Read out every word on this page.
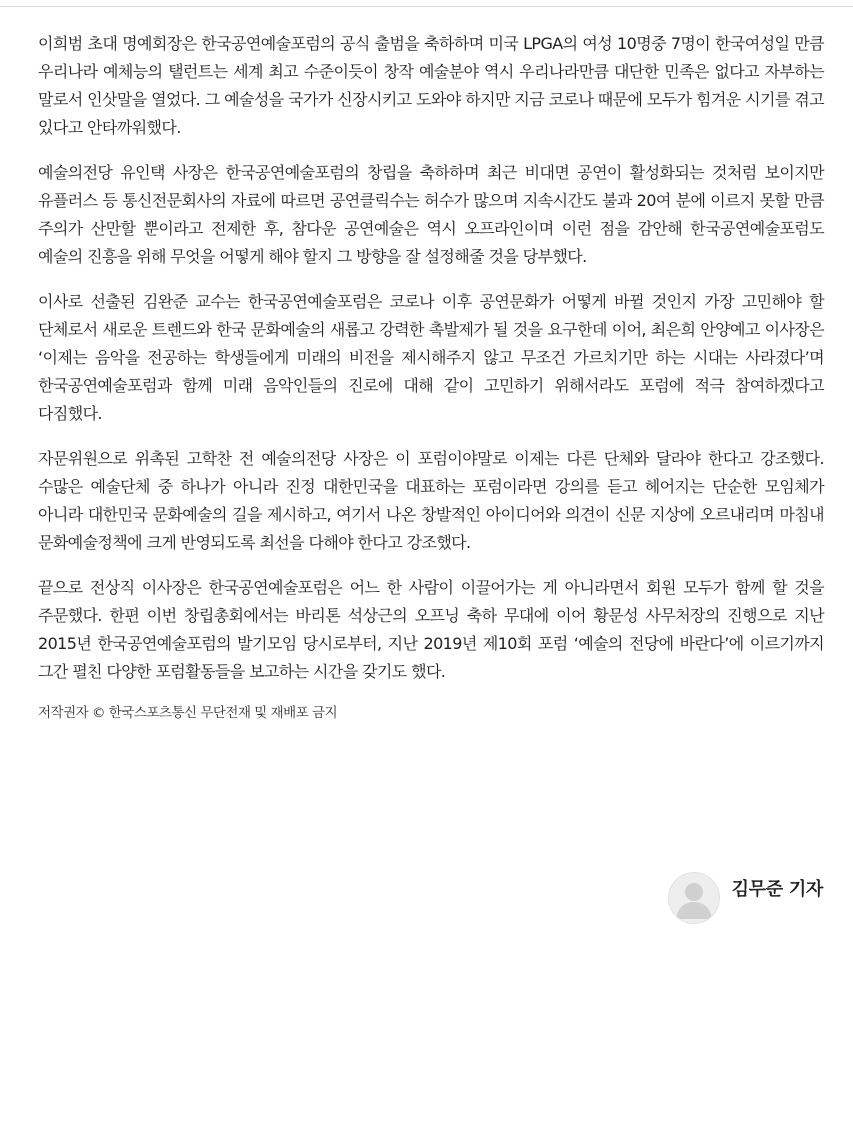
이희범 초대 명예회장은 한국공연예술포럼의 공식 출범을 축하하며 미국 LPGA의 여성 10명중 7명이 한국여성일 만큼 우리나라 예체능의 탤런트는 세계 최고 수준이듯이 창작 예술분야 역시 우리나라만큼 대단한 민족은 없다고 자부하는 말로서 인삿말을 열었다. 그 예술성을 국가가 신장시키고 도와야 하지만 지금 코로나 때문에 모두가 힘겨운 시기를 겪고 있다고 안타까워했다.

예술의전당 유인택 사장은 한국공연예술포럼의 창립을 축하하며 최근 비대면 공연이 활성화되는 것처럼 보이지만 유플러스 등 통신전문회사의 자료에 따르면 공연클릭수는 허수가 많으며 지속시간도 불과 20여 분에 이르지 못할 만큼 주의가 산만할 뿐이라고 전제한 후, 참다운 공연예술은 역시 오프라인이며 이런 점을 감안해 한국공연예술포럼도 예술의 진흥을 위해 무엇을 어떻게 해야 할지 그 방향을 잘 설정해줄 것을 당부했다.

이사로 선출된 김완준 교수는 한국공연예술포럼은 코로나 이후 공연문화가 어떻게 바뀔 것인지 가장 고민해야 할 단체로서 새로운 트렌드와 한국 문화예술의 새롭고 강력한 촉발제가 될 것을 요구한데 이어, 최은희 안양예고 이사장은 ‘이제는 음악을 전공하는 학생들에게 미래의 비전을 제시해주지 않고 무조건 가르치기만 하는 시대는 사라졌다’며 한국공연예술포럼과 함께 미래 음악인들의 진로에 대해 같이 고민하기 위해서라도 포럼에 적극 참여하겠다고 다짐했다.

자문위원으로 위촉된 고학찬 전 예술의전당 사장은 이 포럼이야말로 이제는 다른 단체와 달라야 한다고 강조했다. 수많은 예술단체 중 하나가 아니라 진정 대한민국을 대표하는 포럼이라면 강의를 듣고 헤어지는 단순한 모임체가 아니라 대한민국 문화예술의 길을 제시하고, 여기서 나온 창발적인 아이디어와 의견이 신문 지상에 오르내리며 마침내 문화예술정책에 크게 반영되도록 최선을 다해야 한다고 강조했다.

끝으로 전상직 이사장은 한국공연예술포럼은 어느 한 사람이 이끌어가는 게 아니라면서 회원 모두가 함께 할 것을 주문했다. 한편 이번 창립총회에서는 바리톤 석상근의 오프닝 축하 무대에 이어 황문성 사무처장의 진행으로 지난 2015년 한국공연예술포럼의 발기모임 당시로부터, 지난 2019년 제10회 포럼 ‘예술의 전당에 바란다’에 이르기까지 그간 펼친 다양한 포럼활동들을 보고하는 시간을 갖기도 했다.

저작권자 © 한국스포츠통신 무단전재 및 재배포 금지
김무준 기자
